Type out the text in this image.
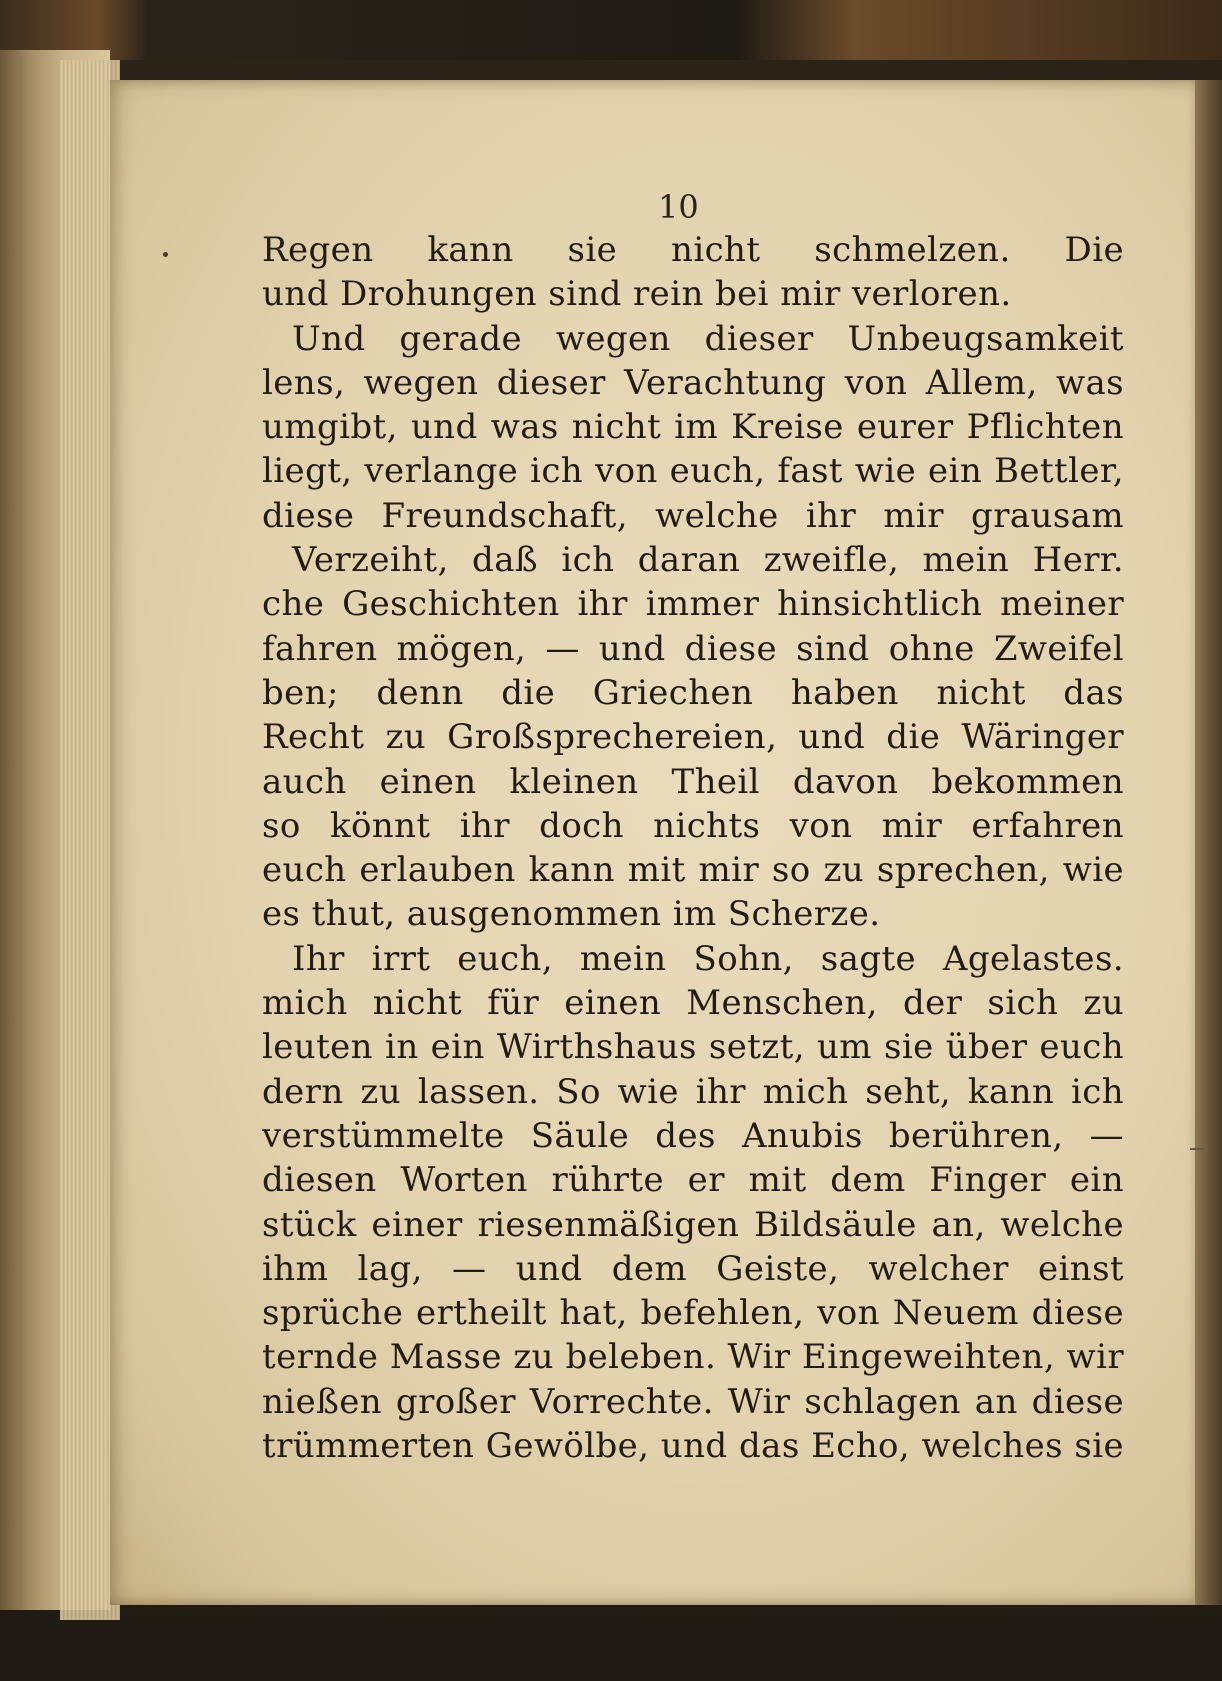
10
Regen kann sie nicht schmelzen. Die
und Drohungen sind rein bei mir verloren.
Und gerade wegen dieser Unbeugsamkeit
lens, wegen dieser Verachtung von Allem, was
umgibt, und was nicht im Kreise eurer Pflichten
liegt, verlange ich von euch, fast wie ein Bettler,
diese Freundschaft, welche ihr mir grausam
Verzeiht, daß ich daran zweifle, mein Herr.
che Geschichten ihr immer hinsichtlich meiner
fahren mögen, — und diese sind ohne Zweifel
ben; denn die Griechen haben nicht das
Recht zu Großsprechereien, und die Wäringer
auch einen kleinen Theil davon bekommen
so könnt ihr doch nichts von mir erfahren
euch erlauben kann mit mir so zu sprechen, wie
es thut, ausgenommen im Scherze.
Ihr irrt euch, mein Sohn, sagte Agelastes.
mich nicht für einen Menschen, der sich zu
leuten in ein Wirthshaus setzt, um sie über euch
dern zu lassen. So wie ihr mich seht, kann ich
verstümmelte Säule des Anubis berühren, —
diesen Worten rührte er mit dem Finger ein
stück einer riesenmäßigen Bildsäule an, welche
ihm lag, — und dem Geiste, welcher einst
sprüche ertheilt hat, befehlen, von Neuem diese
ternde Masse zu beleben. Wir Eingeweihten, wir
nießen großer Vorrechte. Wir schlagen an diese
trümmerten Gewölbe, und das Echo, welches sie
